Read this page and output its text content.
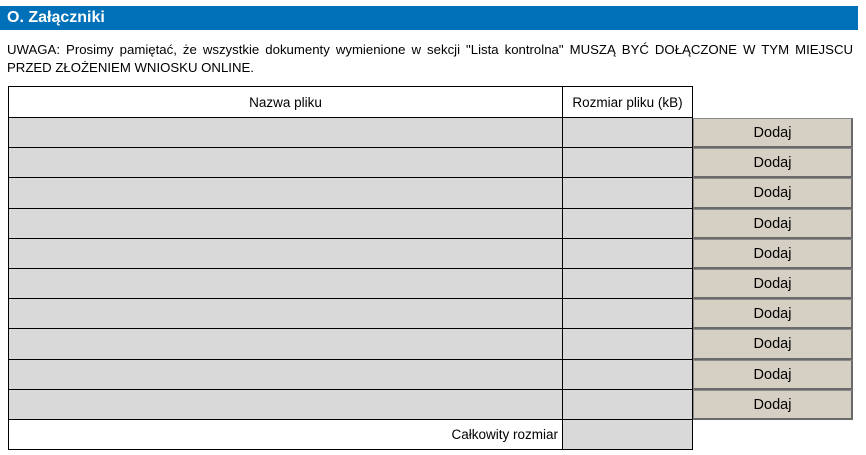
O. Załączniki
UWAGA: Prosimy pamiętać, że wszystkie dokumenty wymienione w sekcji "Lista kontrolna" MUSZĄ BYĆ DOŁĄCZONE W TYM MIEJSCU PRZED ZŁOŻENIEM WNIOSKU ONLINE.
Nazwa pliku	Rozmiar pliku (kB)
Dodaj
Dodaj
Dodaj
Dodaj
Dodaj
Dodaj
Dodaj
Dodaj
Dodaj
Dodaj
Całkowity rozmiar
